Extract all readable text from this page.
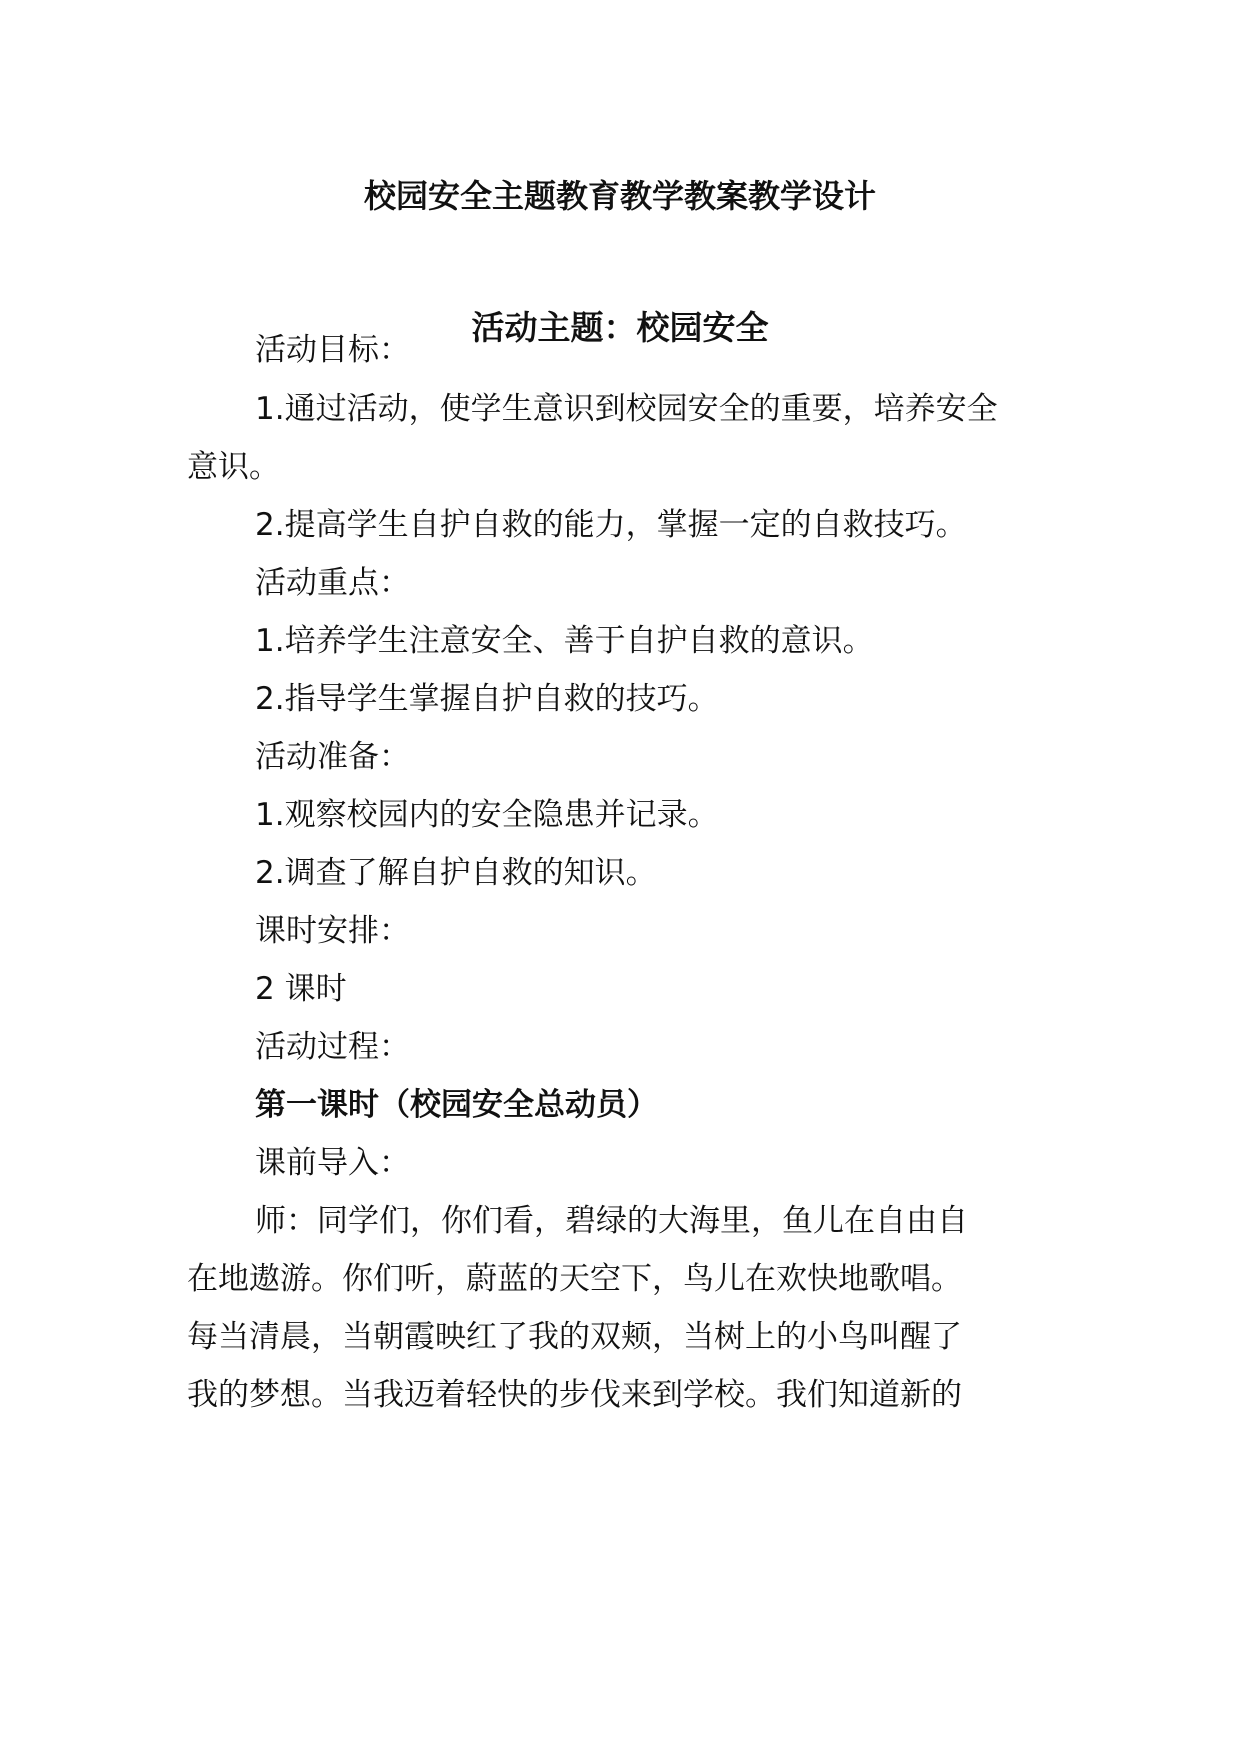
校园安全主题教育教学教案教学设计
活动主题：校园安全
活动目标：
1.通过活动，使学生意识到校园安全的重要，培养安全
意识。
2.提高学生自护自救的能力，掌握一定的自救技巧。
活动重点：
1.培养学生注意安全、善于自护自救的意识。
2.指导学生掌握自护自救的技巧。
活动准备：
1.观察校园内的安全隐患并记录。
2.调查了解自护自救的知识。
课时安排：
2 课时
活动过程：
第一课时（校园安全总动员）
课前导入：
师：同学们，你们看，碧绿的大海里，鱼儿在自由自
在地遨游。你们听，蔚蓝的天空下，鸟儿在欢快地歌唱。
每当清晨，当朝霞映红了我的双颊，当树上的小鸟叫醒了
我的梦想。当我迈着轻快的步伐来到学校。我们知道新的
